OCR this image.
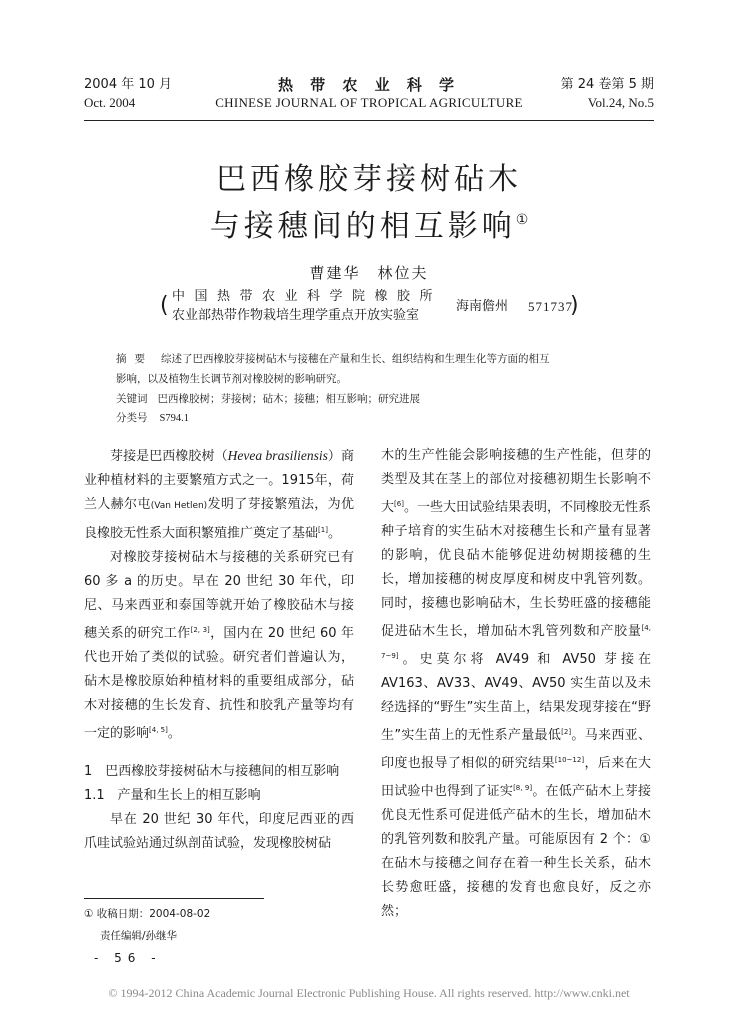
2004 年 10 月
Oct. 2004
热 带 农 业 科 学
CHINESE JOURNAL OF TROPICAL AGRICULTURE
第 24 卷第 5 期
Vol.24, No.5
巴西橡胶芽接树砧木
与接穗间的相互影响①
曹建华　林位夫
( 中国热带农业科学院橡胶所
农业部热带作物栽培生理学重点开放实验室
海南儋州 571737
)
摘要 综述了巴西橡胶芽接树砧木与接穗在产量和生长、组织结构和生理生化等方面的相互
影响，以及植物生长调节剂对橡胶树的影响研究。
关键词 巴西橡胶树；芽接树；砧木；接穗；相互影响；研究进展
分类号 S794.1

芽接是巴西橡胶树（Hevea brasiliensis）商业种植材料的主要繁殖方式之一。1915年，荷兰人赫尔屯(Van Hetlen)发明了芽接繁殖法，为优良橡胶无性系大面积繁殖推广奠定了基础[1]。

对橡胶芽接树砧木与接穗的关系研究已有 60 多 a 的历史。早在 20 世纪 30 年代，印尼、马来西亚和泰国等就开始了橡胶砧木与接穗关系的研究工作[2, 3]，国内在 20 世纪 60 年代也开始了类似的试验。研究者们普遍认为，砧木是橡胶原始种植材料的重要组成部分，砧木对接穗的生长发育、抗性和胶乳产量等均有一定的影响[4, 5]。

1　巴西橡胶芽接树砧木与接穗间的相互影响

1.1　产量和生长上的相互影响

早在 20 世纪 30 年代，印度尼西亚的西爪哇试验站通过纵剖苗试验，发现橡胶树砧

木的生产性能会影响接穗的生产性能，但芽的类型及其在茎上的部位对接穗初期生长影响不大[6]。一些大田试验结果表明，不同橡胶无性系种子培育的实生砧木对接穗生长和产量有显著的影响，优良砧木能够促进幼树期接穗的生长，增加接穗的树皮厚度和树皮中乳管列数。同时，接穗也影响砧木，生长势旺盛的接穗能促进砧木生长，增加砧木乳管列数和产胶量[4, 7~9]。史莫尔将 AV49 和 AV50 芽接在 AV163、AV33、AV49、AV50 实生苗以及未经选择的“野生”实生苗上，结果发现芽接在“野生”实生苗上的无性系产量最低[2]。马来西亚、印度也报导了相似的研究结果[10~12]，后来在大田试验中也得到了证实[8, 9]。在低产砧木上芽接优良无性系可促进低产砧木的生长，增加砧木的乳管列数和胶乳产量。可能原因有 2 个：① 在砧木与接穗之间存在着一种生长关系，砧木长势愈旺盛，接穗的发育也愈良好，反之亦然；

① 收稿日期：2004-08-02
责任编辑/孙继华
- 56 -
© 1994-2012 China Academic Journal Electronic Publishing House. All rights reserved. http://www.cnki.net
